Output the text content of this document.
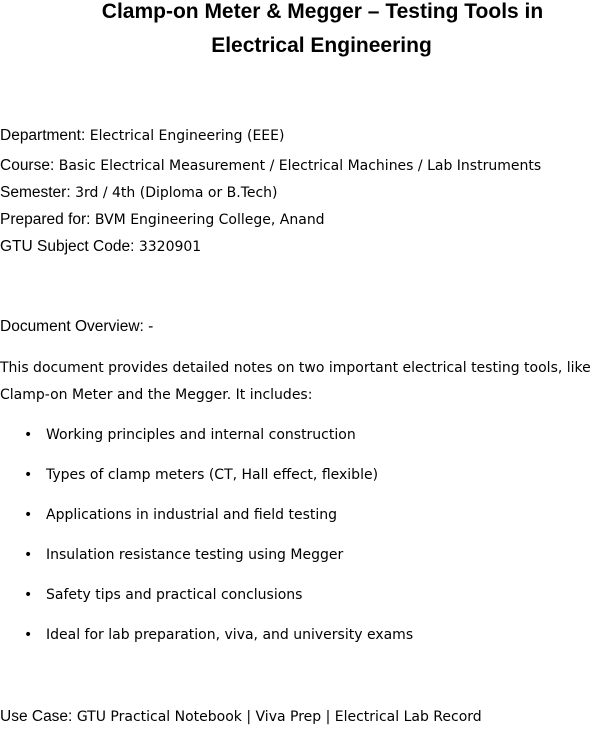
Clamp-on Meter & Megger – Testing Tools in
Electrical Engineering
Department: Electrical Engineering (EEE)
Course: Basic Electrical Measurement / Electrical Machines / Lab Instruments
Semester: 3rd / 4th (Diploma or B.Tech)
Prepared for: BVM Engineering College, Anand
GTU Subject Code: 3320901
Document Overview: -

This document provides detailed notes on two important electrical testing tools, like Clamp-on Meter and the Megger. It includes:

• Working principles and internal construction
• Types of clamp meters (CT, Hall effect, flexible)
• Applications in industrial and field testing
• Insulation resistance testing using Megger
• Safety tips and practical conclusions
• Ideal for lab preparation, viva, and university exams
Use Case: GTU Practical Notebook | Viva Prep | Electrical Lab Record
